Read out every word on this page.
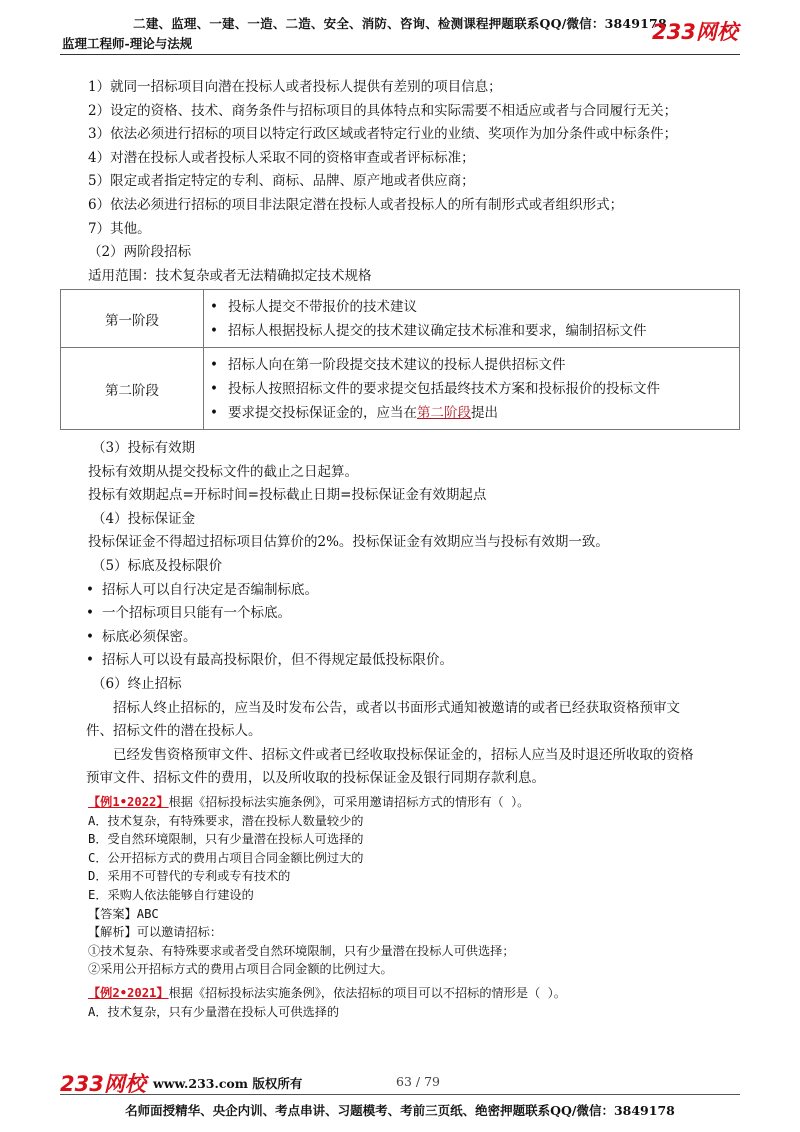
二建、监理、一建、一造、二造、安全、消防、咨询、检测课程押题联系QQ/微信：3849178
监理工程师-理论与法规	233网校
1）就同一招标项目向潜在投标人或者投标人提供有差别的项目信息；
2）设定的资格、技术、商务条件与招标项目的具体特点和实际需要不相适应或者与合同履行无关；
3）依法必须进行招标的项目以特定行政区域或者特定行业的业绩、奖项作为加分条件或中标条件；
4）对潜在投标人或者投标人采取不同的资格审查或者评标标准；
5）限定或者指定特定的专利、商标、品牌、原产地或者供应商；
6）依法必须进行招标的项目非法限定潜在投标人或者投标人的所有制形式或者组织形式；
7）其他。
（2）两阶段招标
适用范围：技术复杂或者无法精确拟定技术规格
第一阶段	• 投标人提交不带报价的技术建议
• 招标人根据投标人提交的技术建议确定技术标准和要求，编制招标文件

第二阶段	• 招标人向在第一阶段提交技术建议的投标人提供招标文件
• 投标人按照招标文件的要求提交包括最终技术方案和投标报价的投标文件
• 要求提交投标保证金的，应当在第二阶段提出
（3）投标有效期
投标有效期从提交投标文件的截止之日起算。
投标有效期起点=开标时间=投标截止日期=投标保证金有效期起点
（4）投标保证金
投标保证金不得超过招标项目估算价的2%。投标保证金有效期应当与投标有效期一致。
（5）标底及投标限价
• 招标人可以自行决定是否编制标底。
• 一个招标项目只能有一个标底。
• 标底必须保密。
• 招标人可以设有最高投标限价，但不得规定最低投标限价。
（6）终止招标
招标人终止招标的，应当及时发布公告，或者以书面形式通知被邀请的或者已经获取资格预审文
件、招标文件的潜在投标人。
已经发售资格预审文件、招标文件或者已经收取投标保证金的，招标人应当及时退还所收取的资格
预审文件、招标文件的费用，以及所收取的投标保证金及银行同期存款利息。
【例1•2022】根据《招标投标法实施条例》，可采用邀请招标方式的情形有（ ）。
A．技术复杂，有特殊要求，潜在投标人数量较少的
B．受自然环境限制，只有少量潜在投标人可选择的
C．公开招标方式的费用占项目合同金额比例过大的
D．采用不可替代的专利或专有技术的
E．采购人依法能够自行建设的
【答案】ABC
【解析】可以邀请招标：
①技术复杂、有特殊要求或者受自然环境限制，只有少量潜在投标人可供选择；
②采用公开招标方式的费用占项目合同金额的比例过大。
【例2•2021】根据《招标投标法实施条例》，依法招标的项目可以不招标的情形是（ ）。
A．技术复杂，只有少量潜在投标人可供选择的
​
233网校 www.233.com 版权所有	63 / 79
名师面授精华、央企内训、考点串讲、习题模考、考前三页纸、绝密押题联系QQ/微信：3849178
